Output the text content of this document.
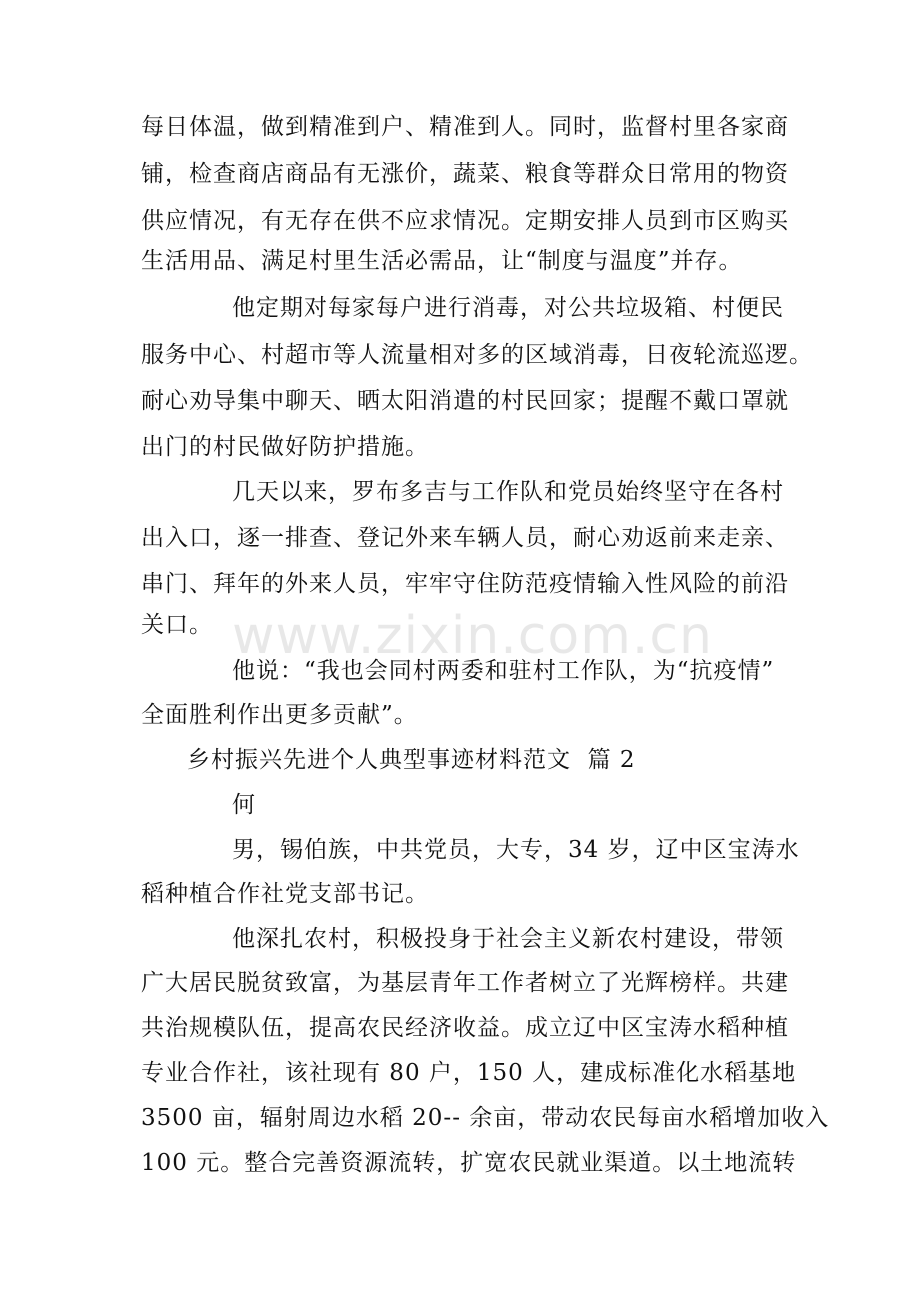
www.zixin.com.cn
每日体温，做到精准到户、精准到人。同时，监督村里各家商
铺，检查商店商品有无涨价，蔬菜、粮食等群众日常用的物资
供应情况，有无存在供不应求情况。定期安排人员到市区购买
生活用品、满足村里生活必需品，让“制度与温度”并存。
他定期对每家每户进行消毒，对公共垃圾箱、村便民
服务中心、村超市等人流量相对多的区域消毒，日夜轮流巡逻。
耐心劝导集中聊天、晒太阳消遣的村民回家；提醒不戴口罩就
出门的村民做好防护措施。
几天以来，罗布多吉与工作队和党员始终坚守在各村
出入口，逐一排查、登记外来车辆人员，耐心劝返前来走亲、
串门、拜年的外来人员，牢牢守住防范疫情输入性风险的前沿
关口。
他说：“我也会同村两委和驻村工作队，为“抗疫情”
全面胜利作出更多贡献”。
乡村振兴先进个人典型事迹材料范文  篇 2
何
男，锡伯族，中共党员，大专，34 岁，辽中区宝涛水
稻种植合作社党支部书记。
他深扎农村，积极投身于社会主义新农村建设，带领
广大居民脱贫致富，为基层青年工作者树立了光辉榜样。共建
共治规模队伍，提高农民经济收益。成立辽中区宝涛水稻种植
专业合作社，该社现有 80 户，150 人，建成标准化水稻基地
3500 亩，辐射周边水稻 20-- 余亩，带动农民每亩水稻增加收入
100 元。整合完善资源流转，扩宽农民就业渠道。以土地流转
